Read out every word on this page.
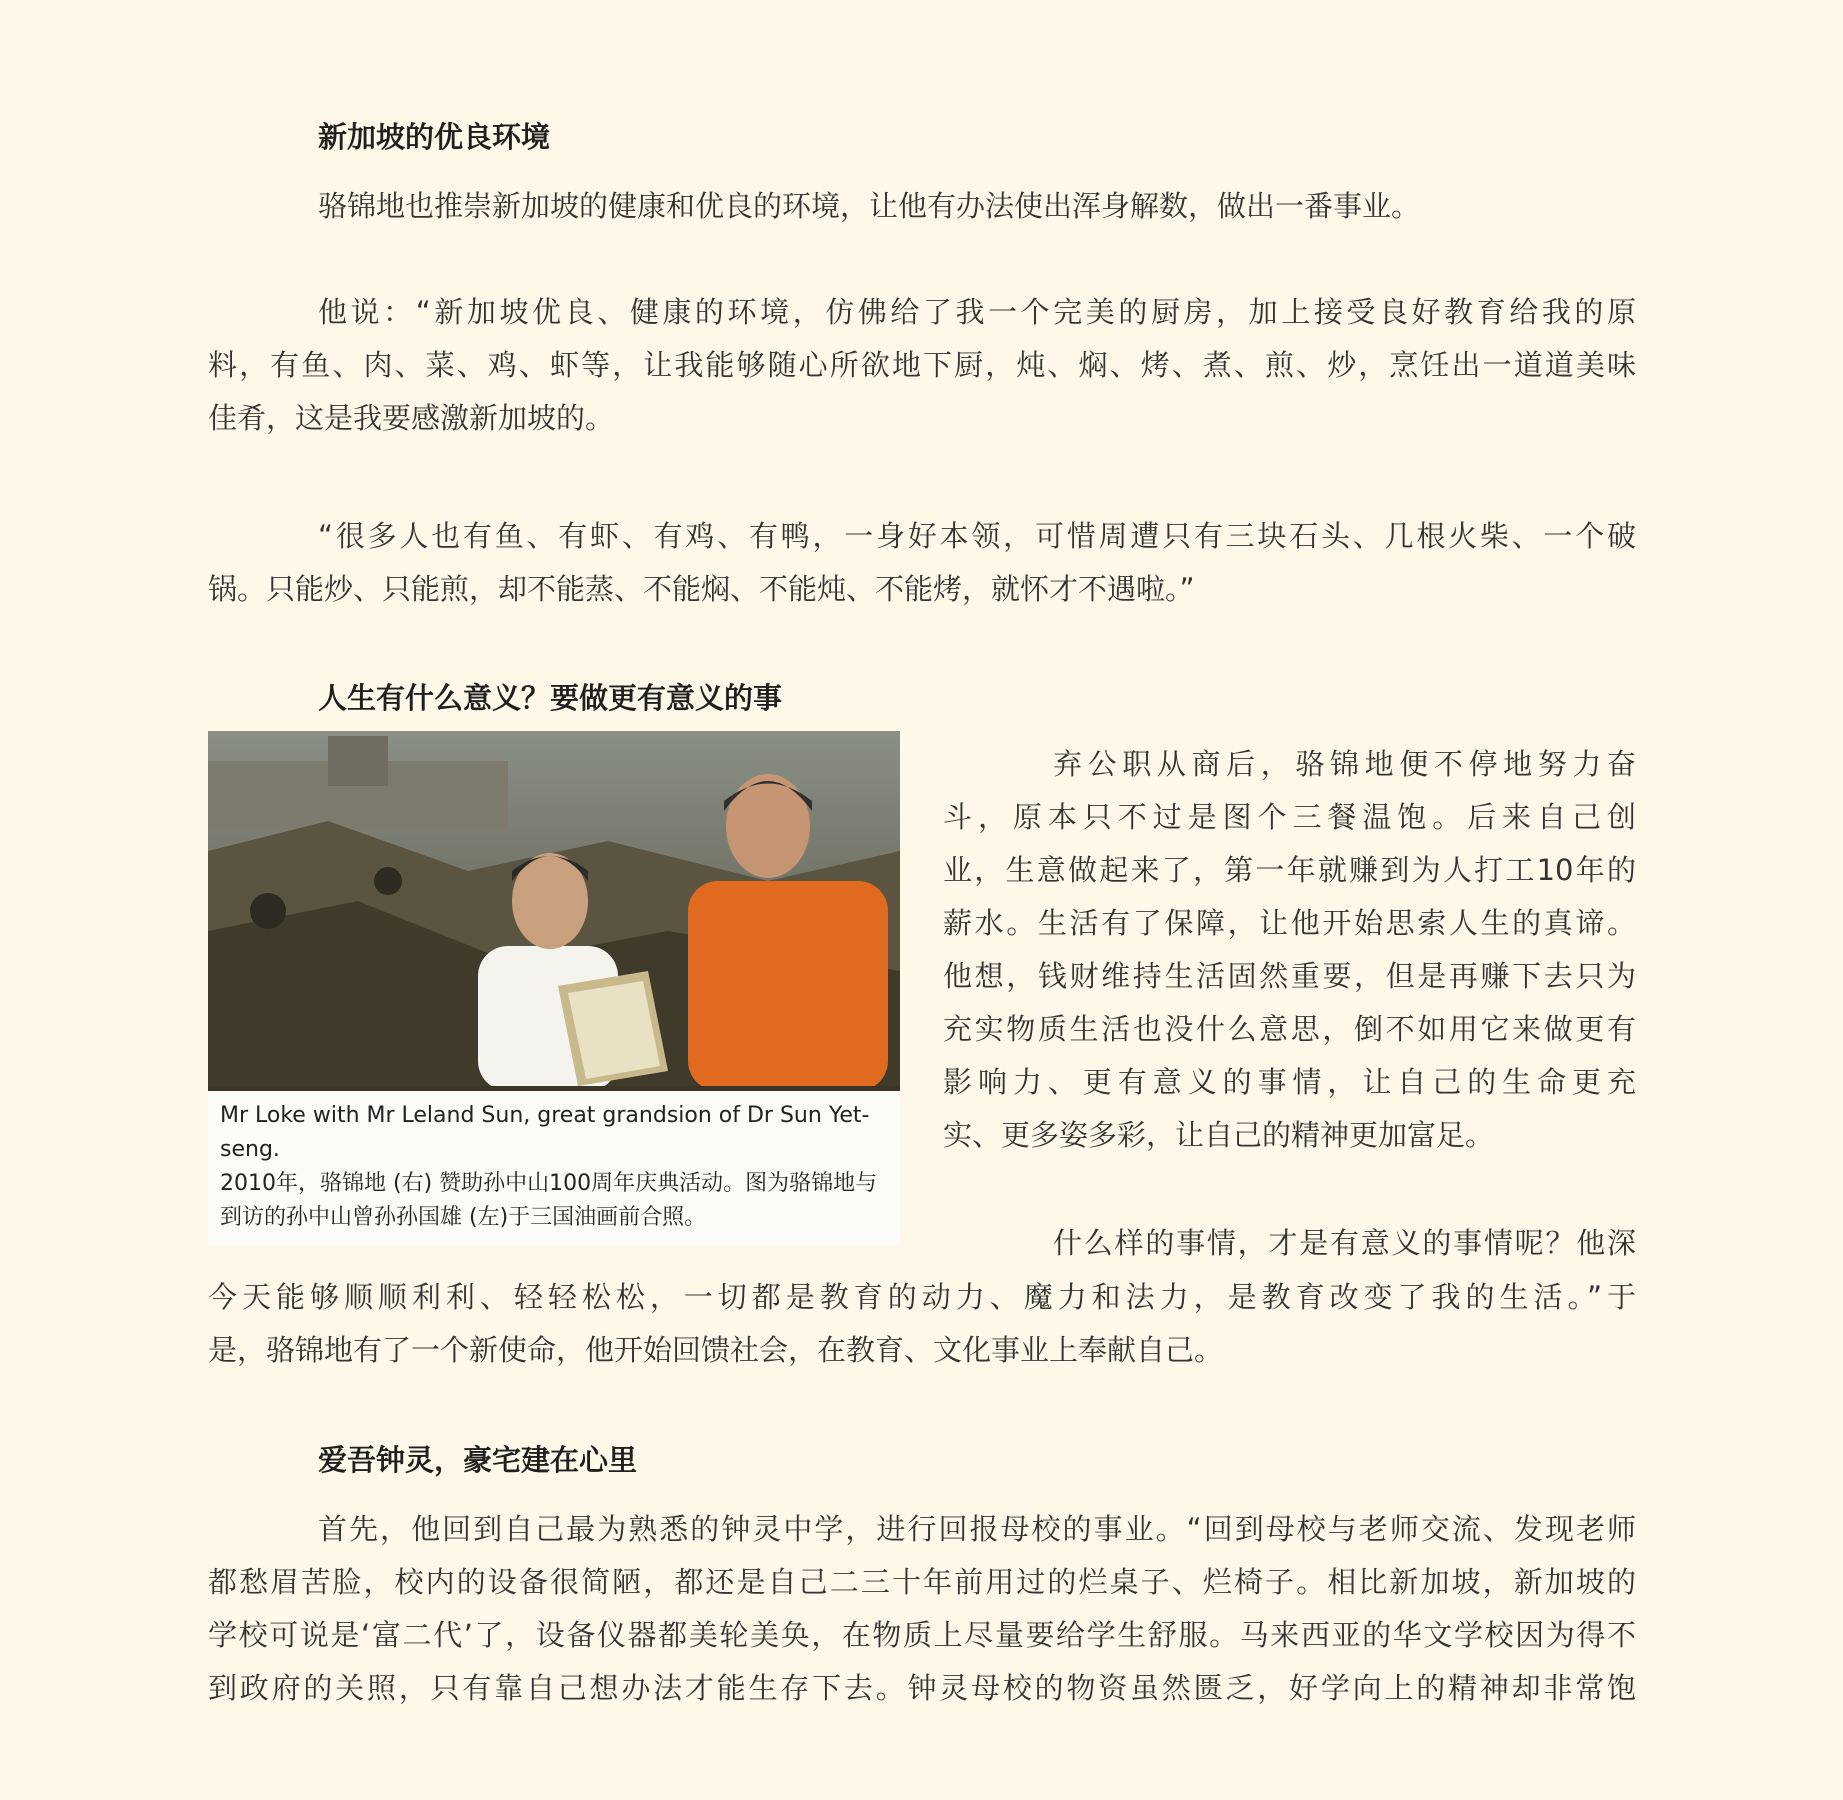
新加坡的优良环境
骆锦地也推崇新加坡的健康和优良的环境，让他有办法使出浑身解数，做出一番事业。
他说：“新加坡优良、健康的环境，仿佛给了我一个完美的厨房，加上接受良好教育给我的原
料，有鱼、肉、菜、鸡、虾等，让我能够随心所欲地下厨，炖、焖、烤、煮、煎、炒，烹饪出一道道美味
佳肴，这是我要感激新加坡的。
“很多人也有鱼、有虾、有鸡、有鸭，一身好本领，可惜周遭只有三块石头、几根火柴、一个破
锅。只能炒、只能煎，却不能蒸、不能焖、不能炖、不能烤，就怀才不遇啦。”
人生有什么意义？要做更有意义的事
Mr Loke with Mr Leland Sun, great grandsion of Dr Sun Yet-seng.
2010年，骆锦地 (右) 赞助孙中山100周年庆典活动。图为骆锦地与到访的孙中山曾孙孙国雄 (左)于三国油画前合照。
弃公职从商后，骆锦地便不停地努力奋
斗，原本只不过是图个三餐温饱。后来自己创
业，生意做起来了，第一年就赚到为人打工10年的
薪水。生活有了保障，让他开始思索人生的真谛。
他想，钱财维持生活固然重要，但是再赚下去只为
充实物质生活也没什么意思，倒不如用它来做更有
影响力、更有意义的事情，让自己的生命更充
实、更多姿多彩，让自己的精神更加富足。
什么样的事情，才是有意义的事情呢？他深
今天能够顺顺利利、轻轻松松，一切都是教育的动力、魔力和法力，是教育改变了我的生活。”于
是，骆锦地有了一个新使命，他开始回馈社会，在教育、文化事业上奉献自己。
爱吾钟灵，豪宅建在心里
首先，他回到自己最为熟悉的钟灵中学，进行回报母校的事业。“回到母校与老师交流、发现老师
都愁眉苦脸，校内的设备很简陋，都还是自己二三十年前用过的烂桌子、烂椅子。相比新加坡，新加坡的
学校可说是‘富二代’了，设备仪器都美轮美奂，在物质上尽量要给学生舒服。马来西亚的华文学校因为得不
到政府的关照，只有靠自己想办法才能生存下去。钟灵母校的物资虽然匮乏，好学向上的精神却非常饱
